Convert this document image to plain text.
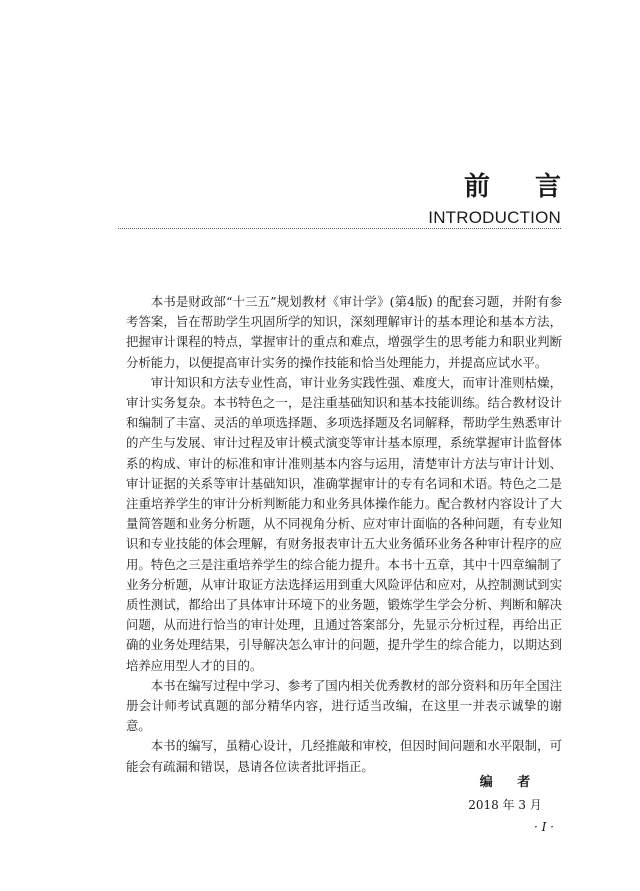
前 言
INTRODUCTION

本书是财政部“十三五”规划教材《审计学》(第4版) 的配套习题，并附有参考答案，旨在帮助学生巩固所学的知识，深刻理解审计的基本理论和基本方法，把握审计课程的特点，掌握审计的重点和难点，增强学生的思考能力和职业判断分析能力，以便提高审计实务的操作技能和恰当处理能力，并提高应试水平。

审计知识和方法专业性高，审计业务实践性强、难度大，而审计准则枯燥，审计实务复杂。本书特色之一，是注重基础知识和基本技能训练。结合教材设计和编制了丰富、灵活的单项选择题、多项选择题及名词解释，帮助学生熟悉审计的产生与发展、审计过程及审计模式演变等审计基本原理，系统掌握审计监督体系的构成、审计的标准和审计准则基本内容与运用，清楚审计方法与审计计划、审计证据的关系等审计基础知识，准确掌握审计的专有名词和术语。特色之二是注重培养学生的审计分析判断能力和业务具体操作能力。配合教材内容设计了大量简答题和业务分析题，从不同视角分析、应对审计面临的各种问题，有专业知识和专业技能的体会理解，有财务报表审计五大业务循环业务各种审计程序的应用。特色之三是注重培养学生的综合能力提升。本书十五章，其中十四章编制了业务分析题，从审计取证方法选择运用到重大风险评估和应对，从控制测试到实质性测试，都给出了具体审计环境下的业务题，锻炼学生学会分析、判断和解决问题，从而进行恰当的审计处理，且通过答案部分，先显示分析过程，再给出正确的业务处理结果，引导解决怎么审计的问题，提升学生的综合能力，以期达到培养应用型人才的目的。

本书在编写过程中学习、参考了国内相关优秀教材的部分资料和历年全国注册会计师考试真题的部分精华内容，进行适当改编，在这里一并表示诚挚的谢意。

本书的编写，虽精心设计，几经推敲和审校，但因时间问题和水平限制，可能会有疏漏和错误，恳请各位读者批评指正。

编 者
2018 年 3 月
· I ·
